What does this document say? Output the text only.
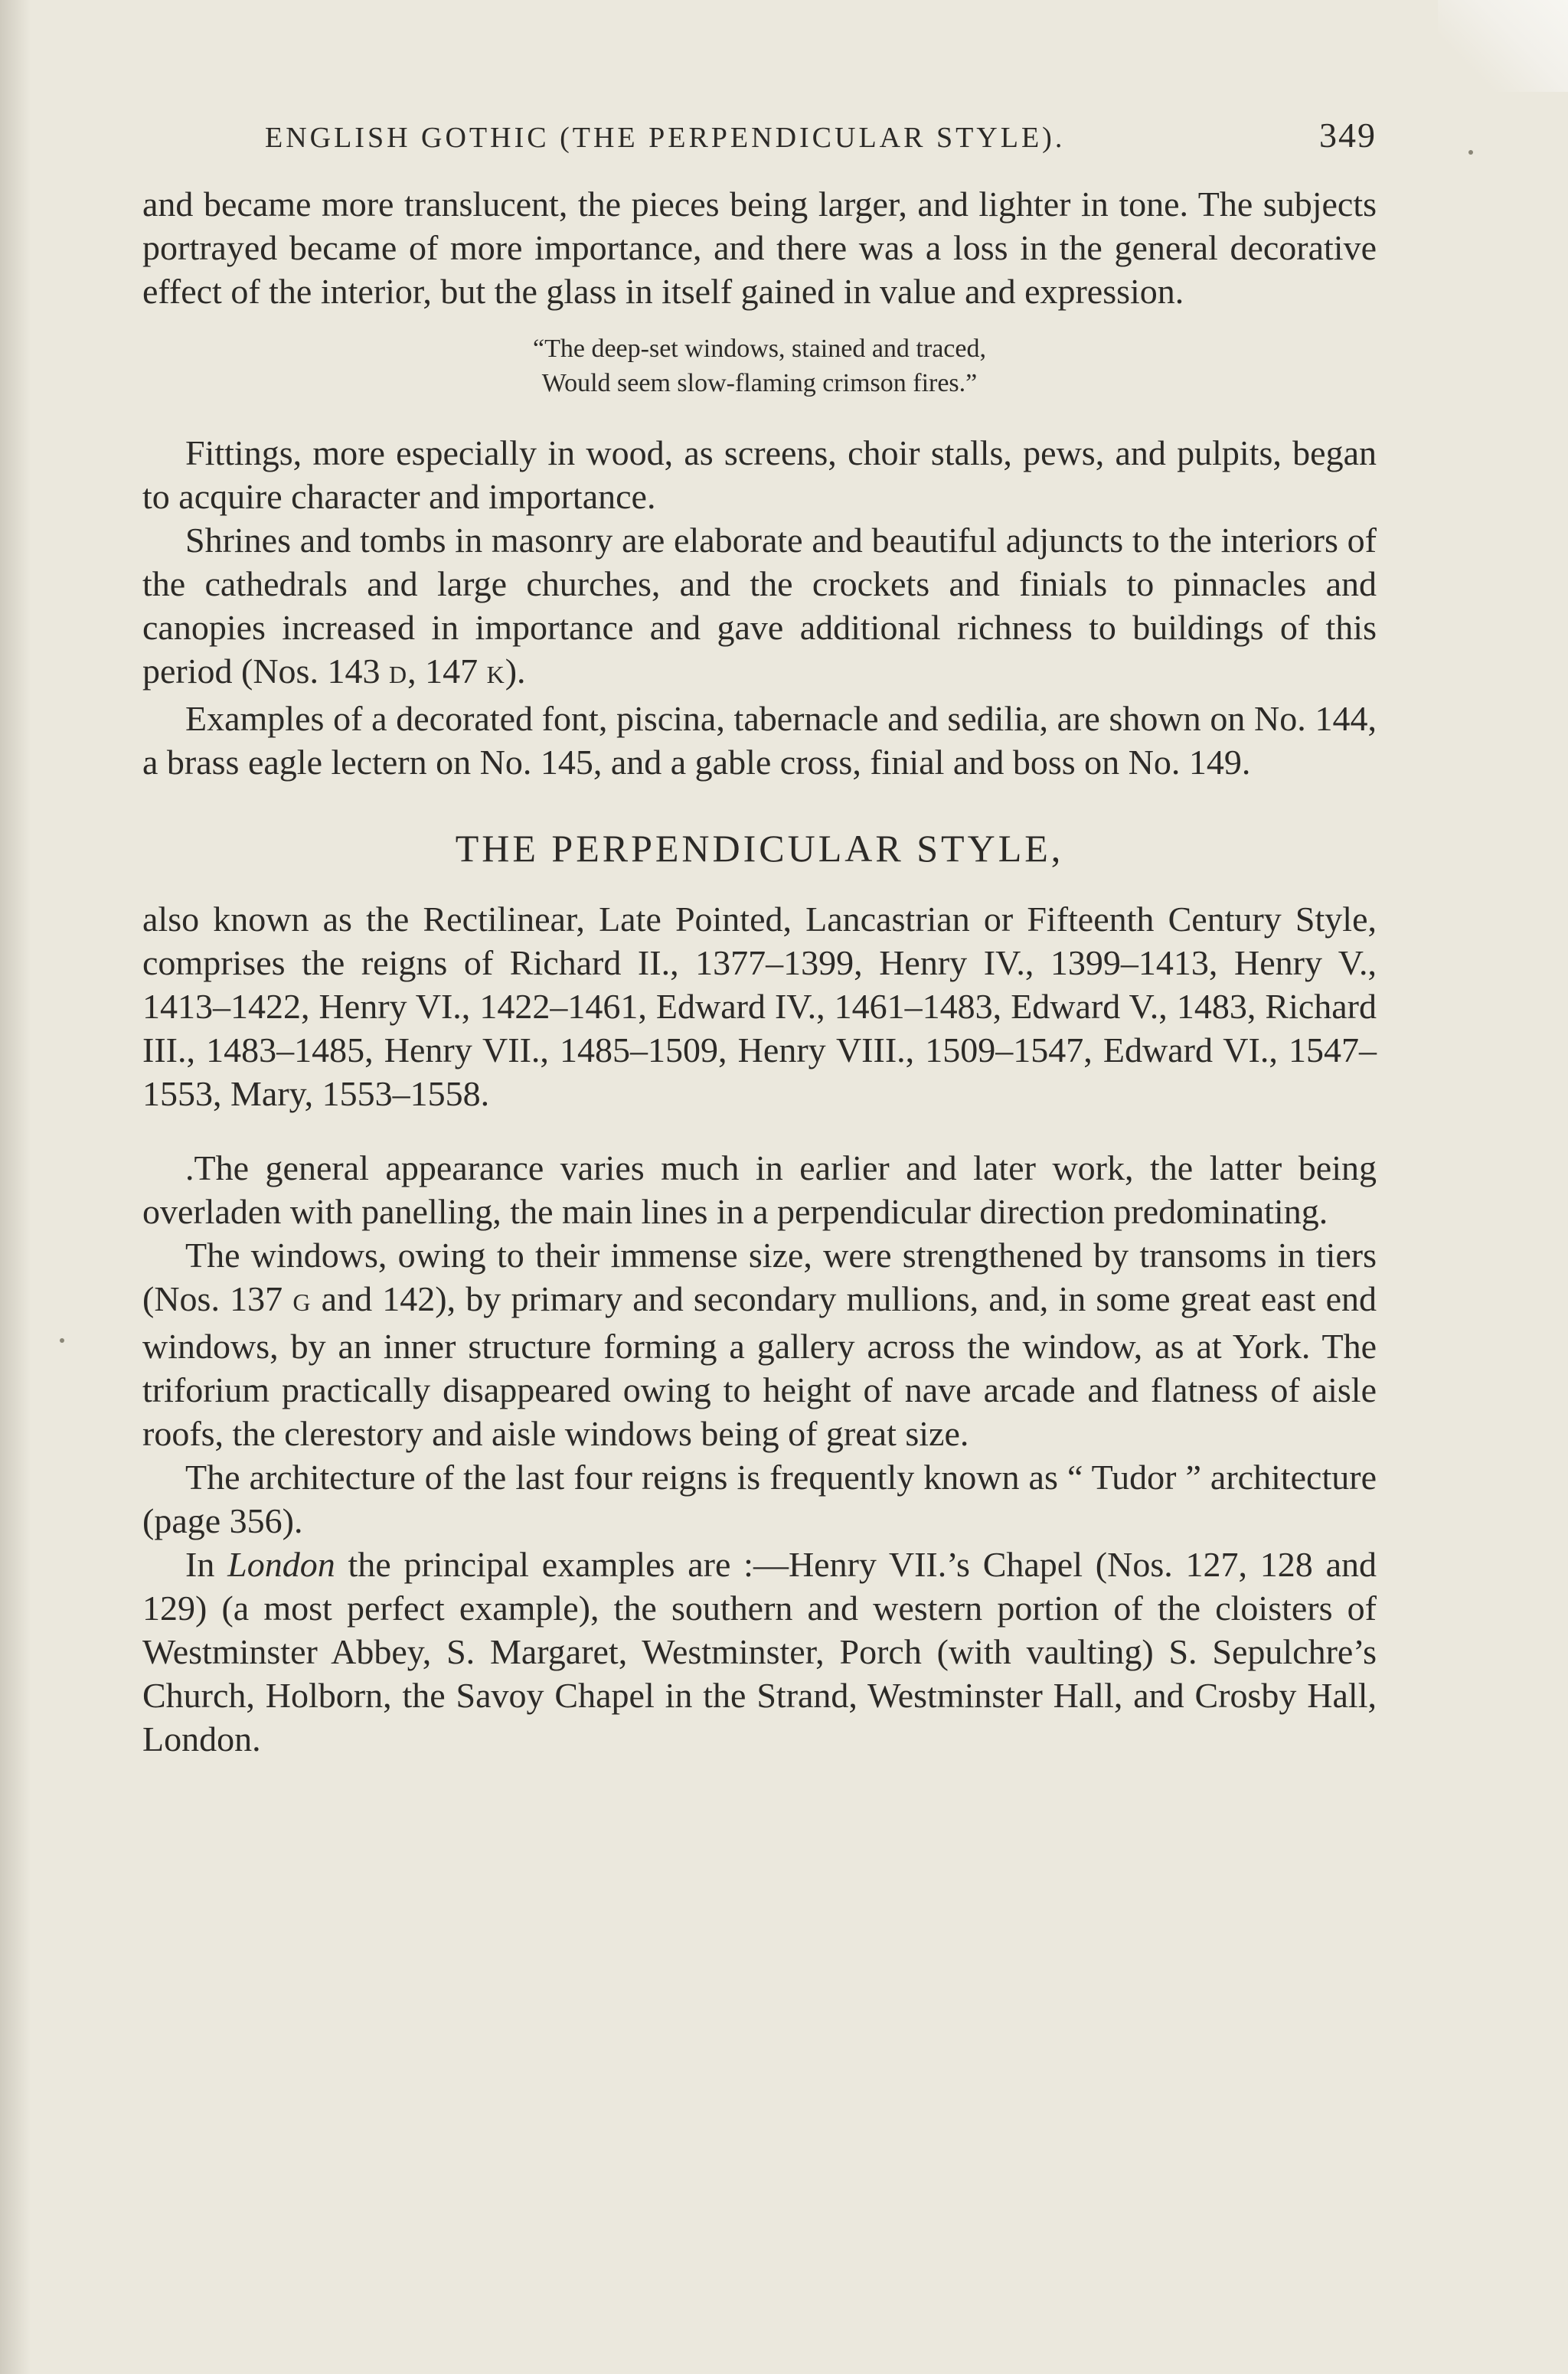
ENGLISH GOTHIC (THE PERPENDICULAR STYLE).	349

and became more translucent, the pieces being larger, and lighter in tone. The subjects portrayed became of more importance, and there was a loss in the general decorative effect of the interior, but the glass in itself gained in value and expression.

“The deep-set windows, stained and traced,
Would seem slow-flaming crimson fires.”

Fittings, more especially in wood, as screens, choir stalls, pews, and pulpits, began to acquire character and importance.

Shrines and tombs in masonry are elaborate and beautiful adjuncts to the interiors of the cathedrals and large churches, and the crockets and finials to pinnacles and canopies increased in importance and gave additional richness to buildings of this period (Nos. 143 D, 147 K).

Examples of a decorated font, piscina, tabernacle and sedilia, are shown on No. 144, a brass eagle lectern on No. 145, and a gable cross, finial and boss on No. 149.

THE PERPENDICULAR STYLE,

also known as the Rectilinear, Late Pointed, Lancastrian or Fifteenth Century Style, comprises the reigns of Richard II., 1377–1399, Henry IV., 1399–1413, Henry V., 1413–1422, Henry VI., 1422–1461, Edward IV., 1461–1483, Edward V., 1483, Richard III., 1483–1485, Henry VII., 1485–1509, Henry VIII., 1509–1547, Edward VI., 1547–1553, Mary, 1553–1558.

.The general appearance varies much in earlier and later work, the latter being overladen with panelling, the main lines in a perpendicular direction predominating.

The windows, owing to their immense size, were strengthened by transoms in tiers (Nos. 137 G and 142), by primary and secondary mullions, and, in some great east end windows, by an inner structure forming a gallery across the window, as at York. The triforium practically disappeared owing to height of nave arcade and flatness of aisle roofs, the clerestory and aisle windows being of great size.

The architecture of the last four reigns is frequently known as “ Tudor ” architecture (page 356).

In London the principal examples are :—Henry VII.’s Chapel (Nos. 127, 128 and 129) (a most perfect example), the southern and western portion of the cloisters of Westminster Abbey, S. Margaret, Westminster, Porch (with vaulting) S. Sepulchre’s Church, Holborn, the Savoy Chapel in the Strand, Westminster Hall, and Crosby Hall, London.
